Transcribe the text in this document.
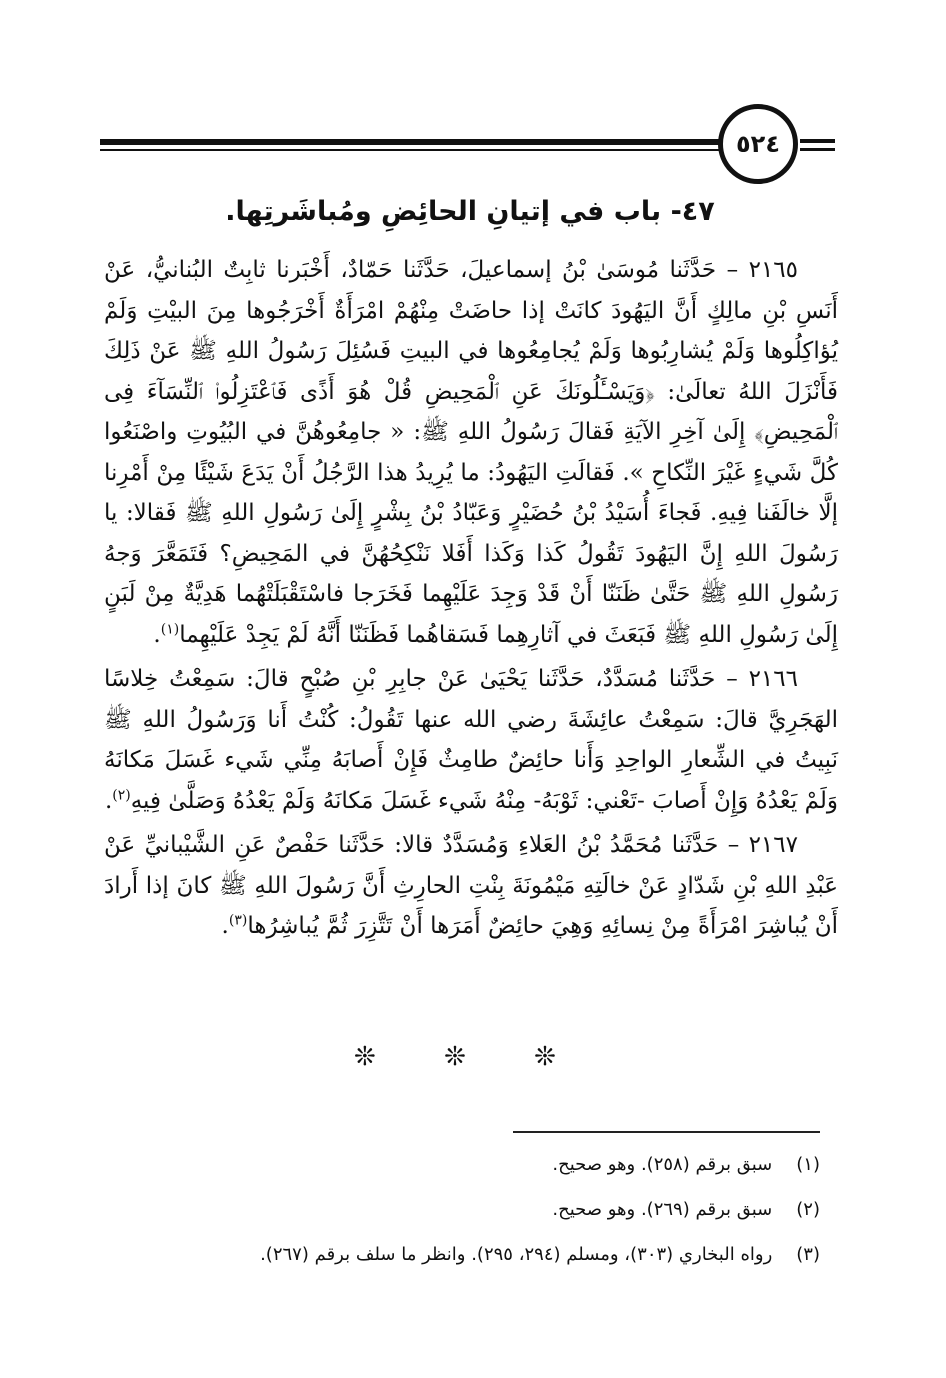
٥٢٤
٤٧- باب في إتيانِ الحائِضِ ومُباشَرتِها.

٢١٦٥ – حَدَّثَنا مُوسَىٰ بْنُ إسماعيلَ، حَدَّثَنا حَمّادٌ، أَخْبَرنا ثابِتٌ البُنانيُّ، عَنْ أَنَسِ بْنِ مالِكٍ أَنَّ اليَهُودَ كانَتْ إذا حاضَتْ مِنْهُمْ امْرَأَةٌ أَخْرَجُوها مِنَ البيْتِ وَلَمْ يُؤاكِلُوها وَلَمْ يُشارِبُوها وَلَمْ يُجامِعُوها في البيتِ فَسُئِلَ رَسُولُ اللهِ ﷺ عَنْ ذَلِكَ فَأَنْزَلَ اللهُ تعالَىٰ: ﴿وَيَسْـَٔلُونَكَ عَنِ ٱلْمَحِيضِ قُلْ هُوَ أَذًى فَٱعْتَزِلُوا۟ ٱلنِّسَآءَ فِى ٱلْمَحِيضِ﴾ إِلَىٰ آخِرِ الآيَةِ فَقالَ رَسُولُ اللهِ ﷺ: « جامِعُوهُنَّ في البُيُوتِ واصْنَعُوا كُلَّ شَيءٍ غَيْرَ النِّكاحِ ». فَقالَتِ اليَهُودُ: ما يُرِيدُ هذا الرَّجُلُ أَنْ يَدَعَ شَيْئًا مِنْ أَمْرِنا إلَّا خالَفَنا فِيهِ. فَجاءَ أُسَيْدُ بْنُ حُضَيْرٍ وَعَبّادُ بْنُ بِشْرٍ إِلَىٰ رَسُولِ اللهِ ﷺ فَقالا: يا رَسُولَ اللهِ إِنَّ اليَهُودَ تَقُولُ كَذا وَكَذا أَفَلا نَنْكِحُهُنَّ في المَحِيضِ؟ فَتَمَعَّرَ وَجهُ رَسُولِ اللهِ ﷺ حَتَّىٰ ظَنَنّا أَنْ قَدْ وَجِدَ عَلَيْهِما فَخَرَجا فاسْتَقْبَلَتْهُما هَدِيَّةٌ مِنْ لَبَنٍ إِلَىٰ رَسُولِ اللهِ ﷺ فَبَعَثَ في آثارِهِما فَسَقاهُما فَظَنَنّا أَنَّهُ لَمْ يَجِدْ عَلَيْهِما$^{(١)}$.

٢١٦٦ – حَدَّثَنا مُسَدَّدٌ، حَدَّثَنا يَحْيَىٰ عَنْ جابِرِ بْنِ صُبْحٍ قالَ: سَمِعْتُ خِلاسًا الهَجَرِيَّ قالَ: سَمِعْتُ عائِشَةَ رضي الله عنها تَقُولُ: كُنْتُ أَنا وَرَسُولُ اللهِ ﷺ نَبِيتُ في الشِّعارِ الواحِدِ وَأَنا حائِضٌ طامِثٌ فَإِنْ أَصابَهُ مِنِّي شَيء غَسَلَ مَكانَهُ وَلَمْ يَعْدُهُ وَإِنْ أَصابَ -تَعْني: ثَوْبَهُ- مِنْهُ شَيء غَسَلَ مَكانَهُ وَلَمْ يَعْدُهُ وَصَلَّىٰ فِيهِ$^{(٢)}$.

٢١٦٧ – حَدَّثَنا مُحَمَّدُ بْنُ العَلاءِ وَمُسَدَّدٌ قالا: حَدَّثَنا حَفْصٌ عَنِ الشَّيْبانيِّ عَنْ عَبْدِ اللهِ بْنِ شَدّادٍ عَنْ خالَتِهِ مَيْمُونَةَ بِنْتِ الحارِثِ أَنَّ رَسُولَ اللهِ ﷺ كانَ إذا أَرادَ أَنْ يُباشِرَ امْرَأَةً مِنْ نِسائِهِ وَهِيَ حائِضٌ أَمَرَها أَنْ تَتَّزِرَ ثُمَّ يُباشِرُها$^{(٣)}$.

❊ ❊ ❊

(١) سبق برقم (٢٥٨). وهو صحيح.

(٢) سبق برقم (٢٦٩). وهو صحيح.

(٣) رواه البخاري (٣٠٣)، ومسلم (٢٩٤، ٢٩٥). وانظر ما سلف برقم (٢٦٧).
